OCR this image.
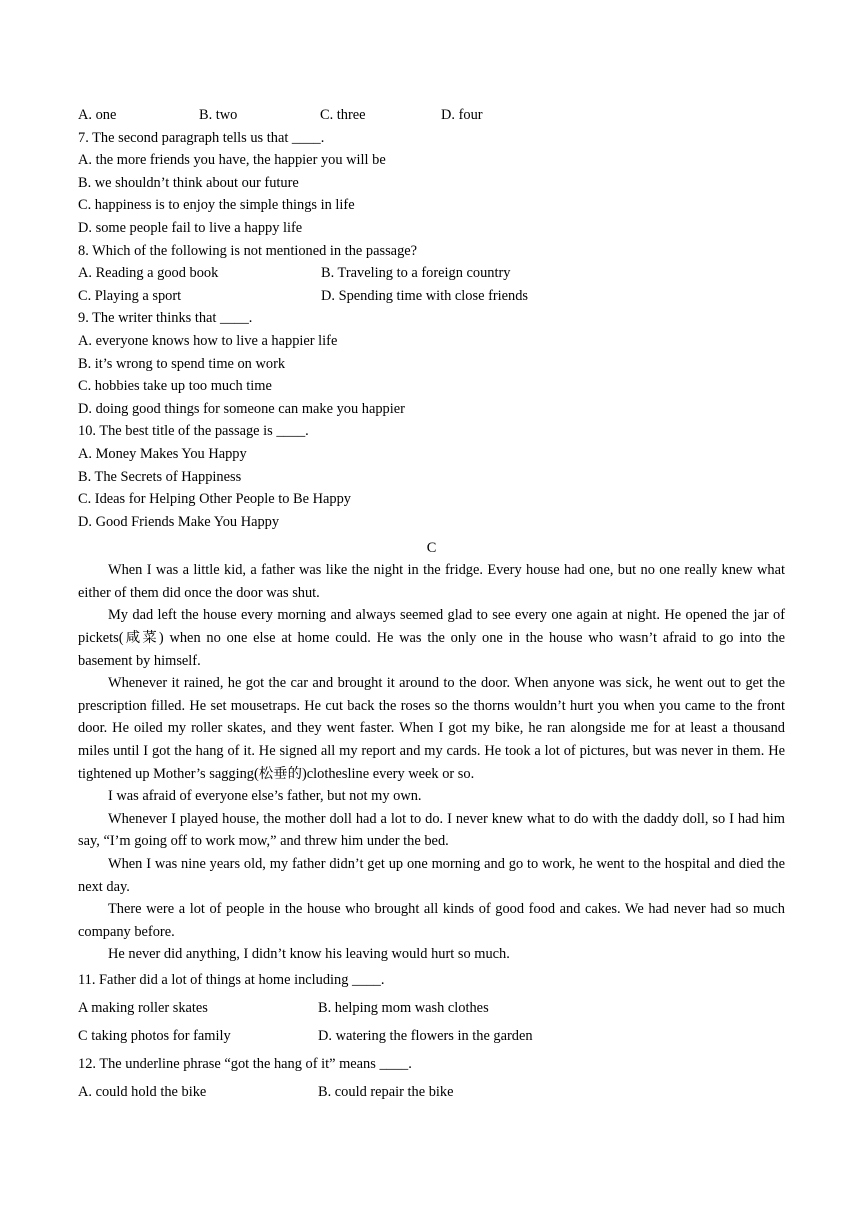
A. one	B. two	C. three	D. four
7. The second paragraph tells us that ____.
A. the more friends you have, the happier you will be
B. we shouldn’t think about our future
C. happiness is to enjoy the simple things in life
D. some people fail to live a happy life
8. Which of the following is not mentioned in the passage?
A. Reading a good book	B. Traveling to a foreign country
C. Playing a sport	D. Spending time with close friends
9. The writer thinks that ____.
A. everyone knows how to live a happier life
B. it’s wrong to spend time on work
C. hobbies take up too much time
D. doing good things for someone can make you happier
10. The best title of the passage is ____.
A. Money Makes You Happy
B. The Secrets of Happiness
C. Ideas for Helping Other People to Be Happy
D. Good Friends Make You Happy
C

When I was a little kid, a father was like the night in the fridge. Every house had one, but no one really knew what either of them did once the door was shut.

My dad left the house every morning and always seemed glad to see every one again at night. He opened the jar of pickets(咸菜) when no one else at home could. He was the only one in the house who wasn’t afraid to go into the basement by himself.

Whenever it rained, he got the car and brought it around to the door. When anyone was sick, he went out to get the prescription filled. He set mousetraps. He cut back the roses so the thorns wouldn’t hurt you when you came to the front door. He oiled my roller skates, and they went faster. When I got my bike, he ran alongside me for at least a thousand miles until I got the hang of it. He signed all my report and my cards. He took a lot of pictures, but was never in them. He tightened up Mother’s sagging(松垂的)clothesline every week or so.

I was afraid of everyone else’s father, but not my own.

Whenever I played house, the mother doll had a lot to do. I never knew what to do with the daddy doll, so I had him say, “I’m going off to work mow,” and threw him under the bed.

When I was nine years old, my father didn’t get up one morning and go to work, he went to the hospital and died the next day.

There were a lot of people in the house who brought all kinds of good food and cakes. We had never had so much company before.

He never did anything, I didn’t know his leaving would hurt so much.

11. Father did a lot of things at home including ____.
A making roller skates	B. helping mom wash clothes
C taking photos for family	D. watering the flowers in the garden
12. The underline phrase “got the hang of it” means ____.
A. could hold the bike	B. could repair the bike
